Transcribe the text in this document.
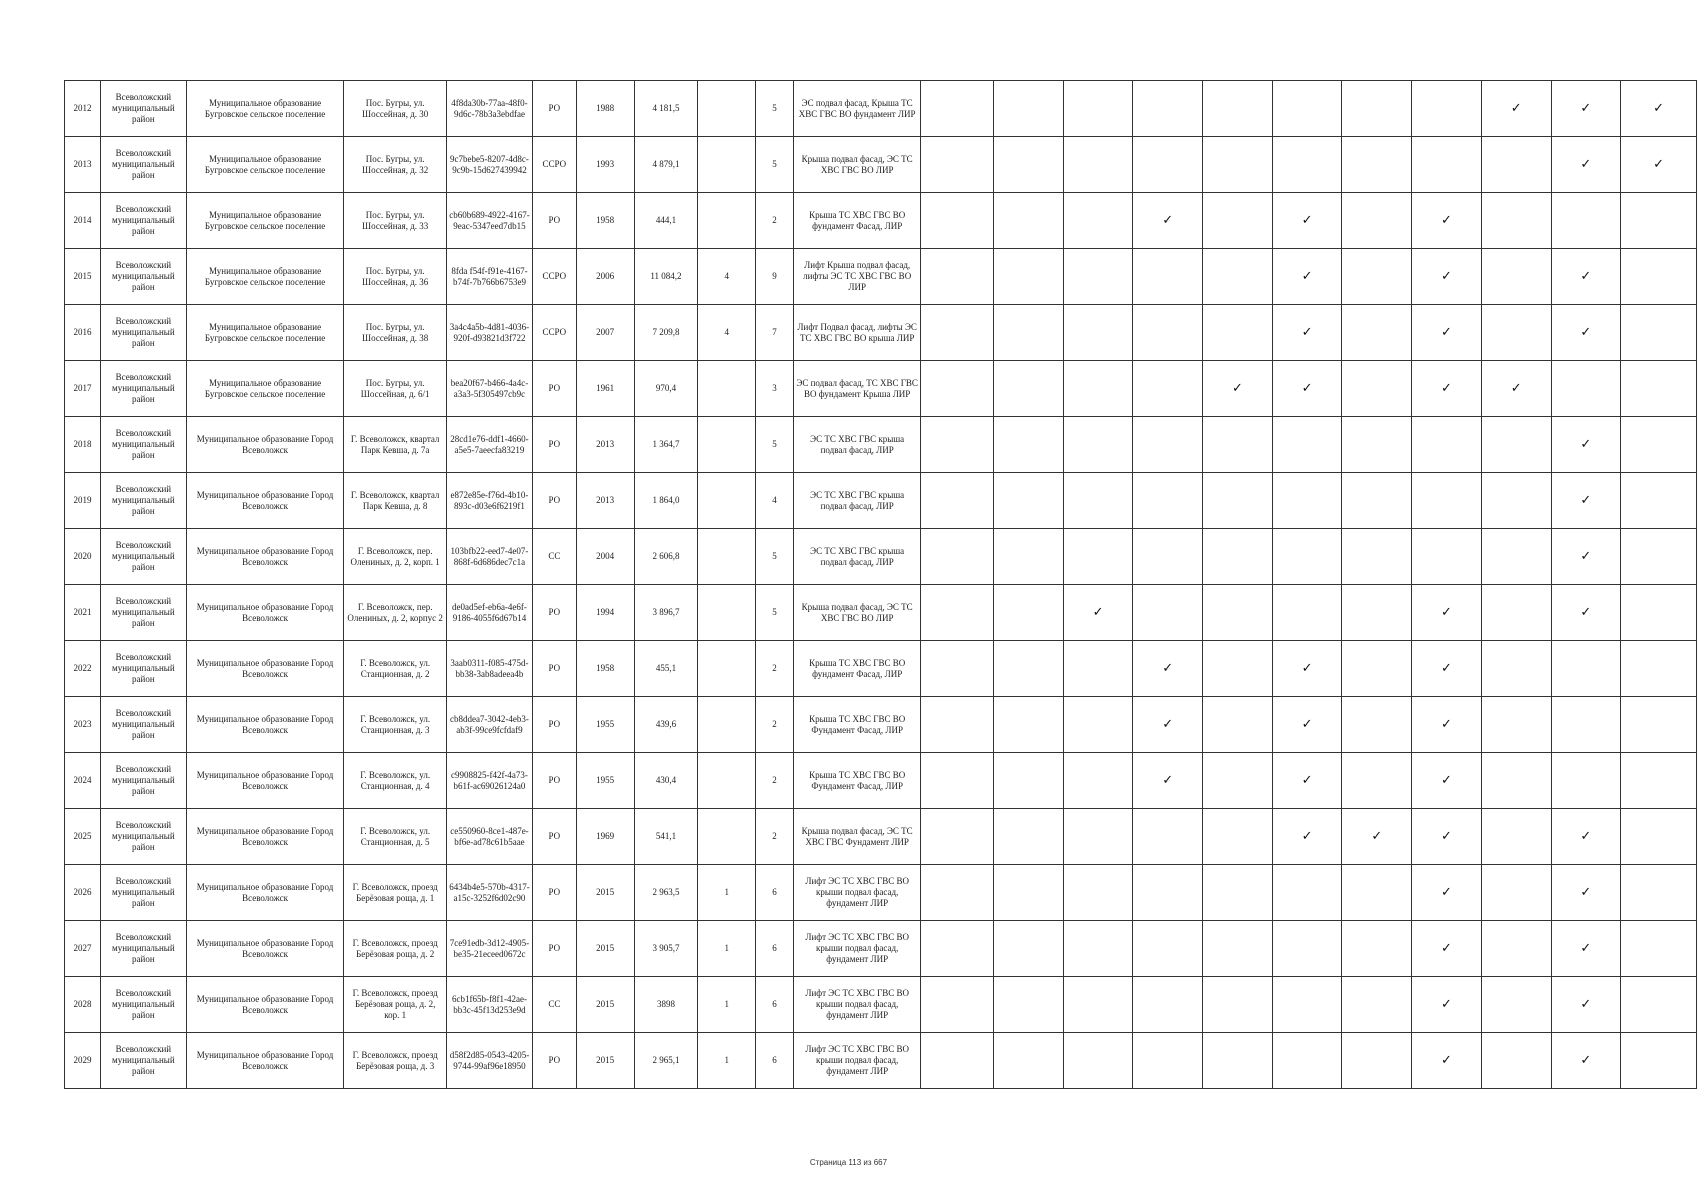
2012	Всеволожский муниципальный район	Муниципальное образование Бугровское сельское поселение	Пос. Бугры, ул. Шоссейная, д. 30	4f8da30b-77aa-48f0-9d6c-78b3a3ebdfae	РО	1988	4 181,5		5	ЭС подвал фасад, Крыша ТС ХВС ГВС ВО фундамент ЛИР									✓	✓	✓
2013	Всеволожский муниципальный район	Муниципальное образование Бугровское сельское поселение	Пос. Бугры, ул. Шоссейная, д. 32	9c7bebe5-8207-4d8c-9c9b-15d627439942	ССРО	1993	4 879,1		5	Крыша подвал фасад, ЭС ТС ХВС ГВС ВО ЛИР										✓	✓
2014	Всеволожский муниципальный район	Муниципальное образование Бугровское сельское поселение	Пос. Бугры, ул. Шоссейная, д. 33	cb60b689-4922-4167-9eac-5347eed7db15	РО	1958	444,1		2	Крыша ТС ХВС ГВС ВО фундамент Фасад, ЛИР				✓		✓		✓			
2015	Всеволожский муниципальный район	Муниципальное образование Бугровское сельское поселение	Пос. Бугры, ул. Шоссейная, д. 36	8fda f54f-f91e-4167-b74f-7b766b6753e9	ССРО	2006	11 084,2	4	9	Лифт Крыша подвал фасад, лифты ЭС ТС ХВС ГВС ВО ЛИР						✓		✓		✓	
2016	Всеволожский муниципальный район	Муниципальное образование Бугровское сельское поселение	Пос. Бугры, ул. Шоссейная, д. 38	3a4c4a5b-4d81-4036-920f-d93821d3f722	ССРО	2007	7 209,8	4	7	Лифт Подвал фасад, лифты ЭС ТС ХВС ГВС ВО крыша ЛИР						✓		✓		✓	
2017	Всеволожский муниципальный район	Муниципальное образование Бугровское сельское поселение	Пос. Бугры, ул. Шоссейная, д. 6/1	bea20f67-b466-4a4c-a3a3-5f305497cb9c	РО	1961	970,4		3	ЭС подвал фасад, ТС ХВС ГВС ВО фундамент Крыша ЛИР					✓	✓		✓	✓		
2018	Всеволожский муниципальный район	Муниципальное образование Город Всеволожск	Г. Всеволожск, квартал Парк Кевша, д. 7а	28cd1e76-ddf1-4660-a5e5-7aeecfa83219	РО	2013	1 364,7		5	ЭС ТС ХВС ГВС крыша подвал фасад, ЛИР										✓	
2019	Всеволожский муниципальный район	Муниципальное образование Город Всеволожск	Г. Всеволожск, квартал Парк Кевша, д. 8	e872e85e-f76d-4b10-893c-d03e6f6219f1	РО	2013	1 864,0		4	ЭС ТС ХВС ГВС крыша подвал фасад, ЛИР										✓	
2020	Всеволожский муниципальный район	Муниципальное образование Город Всеволожск	Г. Всеволожск, пер. Олениных, д. 2, корп. 1	103bfb22-eed7-4e07-868f-6d686dec7c1a	СС	2004	2 606,8		5	ЭС ТС ХВС ГВС крыша подвал фасад, ЛИР										✓	
2021	Всеволожский муниципальный район	Муниципальное образование Город Всеволожск	Г. Всеволожск, пер. Олениных, д. 2, корпус 2	de0ad5ef-eb6a-4e6f-9186-4055f6d67b14	РО	1994	3 896,7		5	Крыша подвал фасад, ЭС ТС ХВС ГВС ВО ЛИР			✓					✓		✓	
2022	Всеволожский муниципальный район	Муниципальное образование Город Всеволожск	Г. Всеволожск, ул. Станционная, д. 2	3aab0311-f085-475d-bb38-3ab8adeea4b	РО	1958	455,1		2	Крыша ТС ХВС ГВС ВО фундамент Фасад, ЛИР				✓		✓		✓			
2023	Всеволожский муниципальный район	Муниципальное образование Город Всеволожск	Г. Всеволожск, ул. Станционная, д. 3	cb8ddea7-3042-4eb3-ab3f-99ce9fcfdaf9	РО	1955	439,6		2	Крыша ТС ХВС ГВС ВО Фундамент Фасад, ЛИР				✓		✓		✓			
2024	Всеволожский муниципальный район	Муниципальное образование Город Всеволожск	Г. Всеволожск, ул. Станционная, д. 4	c9908825-f42f-4a73-b61f-ac69026124a0	РО	1955	430,4		2	Крыша ТС ХВС ГВС ВО Фундамент Фасад, ЛИР				✓		✓		✓			
2025	Всеволожский муниципальный район	Муниципальное образование Город Всеволожск	Г. Всеволожск, ул. Станционная, д. 5	ce550960-8ce1-487e-bf6e-ad78c61b5aae	РО	1969	541,1		2	Крыша подвал фасад, ЭС ТС ХВС ГВС Фундамент ЛИР						✓	✓	✓		✓	
2026	Всеволожский муниципальный район	Муниципальное образование Город Всеволожск	Г. Всеволожск, проезд Берёзовая роща, д. 1	6434b4e5-570b-4317-a15c-3252f6d02c90	РО	2015	2 963,5	1	6	Лифт ЭС ТС ХВС ГВС ВО крыши подвал фасад, фундамент ЛИР								✓		✓	
2027	Всеволожский муниципальный район	Муниципальное образование Город Всеволожск	Г. Всеволожск, проезд Берёзовая роща, д. 2	7ce91edb-3d12-4905-be35-21eceed0672c	РО	2015	3 905,7	1	6	Лифт ЭС ТС ХВС ГВС ВО крыши подвал фасад, фундамент ЛИР								✓		✓	
2028	Всеволожский муниципальный район	Муниципальное образование Город Всеволожск	Г. Всеволожск, проезд Берёзовая роща, д. 2, кор. 1	6cb1f65b-f8f1-42ae-bb3c-45f13d253e9d	СС	2015	3898	1	6	Лифт ЭС ТС ХВС ГВС ВО крыши подвал фасад, фундамент ЛИР								✓		✓	
2029	Всеволожский муниципальный район	Муниципальное образование Город Всеволожск	Г. Всеволожск, проезд Берёзовая роща, д. 3	d58f2d85-0543-4205-9744-99af96e18950	РО	2015	2 965,1	1	6	Лифт ЭС ТС ХВС ГВС ВО крыши подвал фасад, фундамент ЛИР								✓		✓	
Страница 113 из 667
